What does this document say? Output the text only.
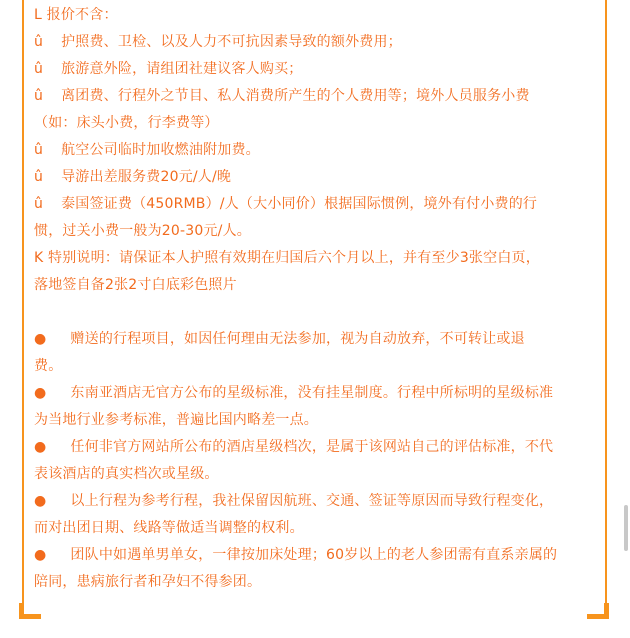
L 报价不含：
û 护照费、卫检、以及人力不可抗因素导致的额外费用；
û 旅游意外险，请组团社建议客人购买；
û 离团费、行程外之节目、私人消费所产生的个人费用等；境外人员服务小费
（如：床头小费，行李费等）
û 航空公司临时加收燃油附加费。
û 导游出差服务费20元/人/晚
û 泰国签证费（450RMB）/人（大小同价）根据国际惯例，境外有付小费的行
惯，过关小费一般为20-30元/人。
K 特别说明：请保证本人护照有效期在归国后六个月以上，并有至少3张空白页，
落地签自备2张2寸白底彩色照片
● 赠送的行程项目，如因任何理由无法参加，视为自动放弃，不可转让或退
费。
● 东南亚酒店无官方公布的星级标准，没有挂星制度。行程中所标明的星级标准
为当地行业参考标准，普遍比国内略差一点。
● 任何非官方网站所公布的酒店星级档次，是属于该网站自己的评估标准，不代
表该酒店的真实档次或星级。
● 以上行程为参考行程，我社保留因航班、交通、签证等原因而导致行程变化，
而对出团日期、线路等做适当调整的权利。
● 团队中如遇单男单女，一律按加床处理；60岁以上的老人参团需有直系亲属的
陪同，患病旅行者和孕妇不得参团。
